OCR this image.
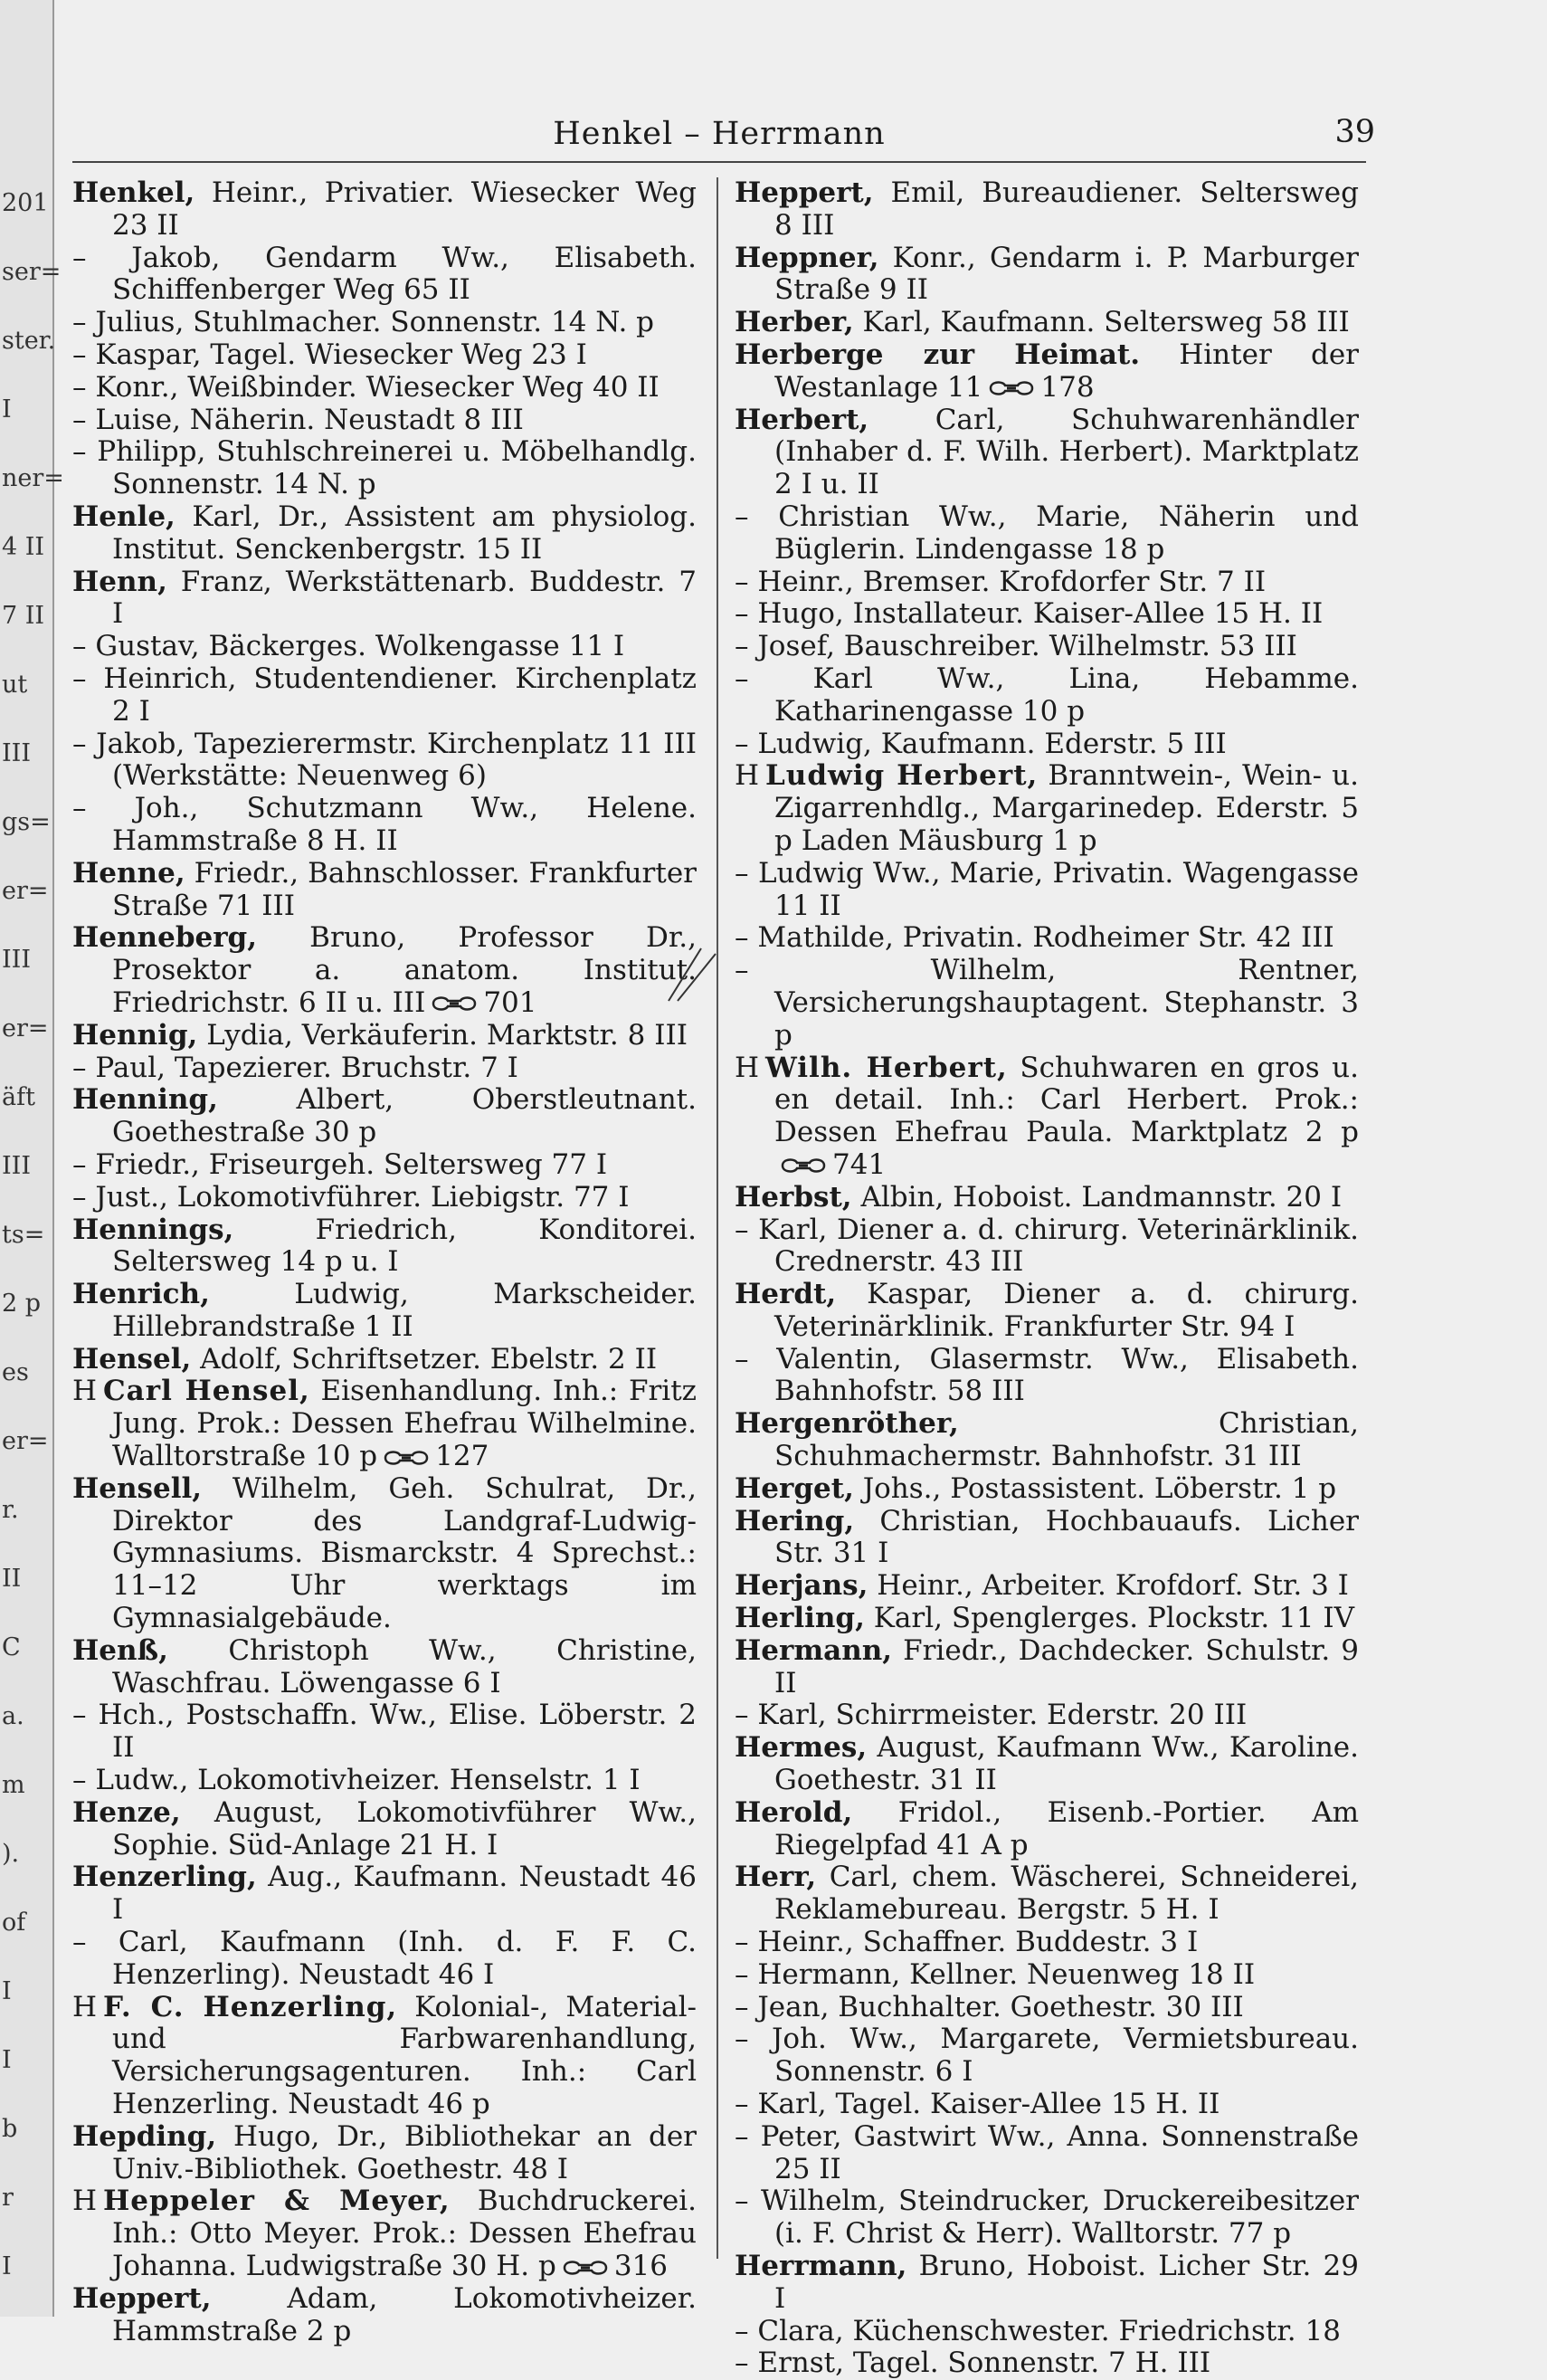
201
ser=
ster.
I
ner=
4 II
7 II
ut
III
gs=
er=
III
er=
äft
III
ts=
2 p
es
er=
r.
II
C
a.
m
).
of
I
I
b
r
I
Henkel – Herrmann	39

Henkel, Heinr., Privatier. Wiesecker Weg 23 II

– Jakob, Gendarm Ww., Elisabeth. Schiffenberger Weg 65 II

– Julius, Stuhlmacher. Sonnenstr. 14 N. p

– Kaspar, Tagel. Wiesecker Weg 23 I

– Konr., Weißbinder. Wiesecker Weg 40 II

– Luise, Näherin. Neustadt 8 III

– Philipp, Stuhlschreinerei u. Möbelhandlg. Sonnenstr. 14 N. p

Henle, Karl, Dr., Assistent am physiolog. Institut. Senckenbergstr. 15 II

Henn, Franz, Werkstättenarb. Buddestr. 7 I

– Gustav, Bäckerges. Wolkengasse 11 I

– Heinrich, Studentendiener. Kirchenplatz 2 I

– Jakob, Tapezierermstr. Kirchenplatz 11 III (Werkstätte: Neuenweg 6)

– Joh., Schutzmann Ww., Helene. Hammstraße 8 H. II

Henne, Friedr., Bahnschlosser. Frankfurter Straße 71 III

Henneberg, Bruno, Professor Dr., Prosektor a. anatom. Institut. Friedrichstr. 6 II u. III 701

Hennig, Lydia, Verkäuferin. Marktstr. 8 III

– Paul, Tapezierer. Bruchstr. 7 I

Henning, Albert, Oberstleutnant. Goethestraße 30 p

– Friedr., Friseurgeh. Seltersweg 77 I

– Just., Lokomotivführer. Liebigstr. 77 I

Hennings, Friedrich, Konditorei. Seltersweg 14 p u. I

Henrich, Ludwig, Markscheider. Hillebrandstraße 1 II

Hensel, Adolf, Schriftsetzer. Ebelstr. 2 II

H Carl Hensel, Eisenhandlung. Inh.: Fritz Jung. Prok.: Dessen Ehefrau Wilhelmine. Walltorstraße 10 p 127

Hensell, Wilhelm, Geh. Schulrat, Dr., Direktor des Landgraf-Ludwig-Gymnasiums. Bismarckstr. 4 Sprechst.: 11–12 Uhr werktags im Gymnasialgebäude.

Henß, Christoph Ww., Christine, Waschfrau. Löwengasse 6 I

– Hch., Postschaffn. Ww., Elise. Löberstr. 2 II

– Ludw., Lokomotivheizer. Henselstr. 1 I

Henze, August, Lokomotivführer Ww., Sophie. Süd-Anlage 21 H. I

Henzerling, Aug., Kaufmann. Neustadt 46 I

– Carl, Kaufmann (Inh. d. F. F. C. Henzerling). Neustadt 46 I

H F. C. Henzerling, Kolonial-, Material- und Farbwarenhandlung, Versicherungsagenturen. Inh.: Carl Henzerling. Neustadt 46 p

Hepding, Hugo, Dr., Bibliothekar an der Univ.-Bibliothek. Goethestr. 48 I

H Heppeler & Meyer, Buchdruckerei. Inh.: Otto Meyer. Prok.: Dessen Ehefrau Johanna. Ludwigstraße 30 H. p 316

Heppert, Adam, Lokomotivheizer. Hammstraße 2 p

Heppert, Emil, Bureaudiener. Seltersweg 8 III

Heppner, Konr., Gendarm i. P. Marburger Straße 9 II

Herber, Karl, Kaufmann. Seltersweg 58 III

Herberge zur Heimat. Hinter der Westanlage 11 178

Herbert, Carl, Schuhwarenhändler (Inhaber d. F. Wilh. Herbert). Marktplatz 2 I u. II

– Christian Ww., Marie, Näherin und Büglerin. Lindengasse 18 p

– Heinr., Bremser. Krofdorfer Str. 7 II

– Hugo, Installateur. Kaiser-Allee 15 H. II

– Josef, Bauschreiber. Wilhelmstr. 53 III

– Karl Ww., Lina, Hebamme. Katharinengasse 10 p

– Ludwig, Kaufmann. Ederstr. 5 III

H Ludwig Herbert, Branntwein-, Wein- u. Zigarrenhdlg., Margarinedep. Ederstr. 5 p Laden Mäusburg 1 p

– Ludwig Ww., Marie, Privatin. Wagengasse 11 II

– Mathilde, Privatin. Rodheimer Str. 42 III

– Wilhelm, Rentner, Versicherungshauptagent. Stephanstr. 3 p

H Wilh. Herbert, Schuhwaren en gros u. en detail. Inh.: Carl Herbert. Prok.: Dessen Ehefrau Paula. Marktplatz 2 p
741

Herbst, Albin, Hoboist. Landmannstr. 20 I

– Karl, Diener a. d. chirurg. Veterinärklinik. Crednerstr. 43 III

Herdt, Kaspar, Diener a. d. chirurg. Veterinärklinik. Frankfurter Str. 94 I

– Valentin, Glasermstr. Ww., Elisabeth. Bahnhofstr. 58 III

Hergenröther, Christian, Schuhmachermstr. Bahnhofstr. 31 III

Herget, Johs., Postassistent. Löberstr. 1 p

Hering, Christian, Hochbauaufs. Licher Str. 31 I

Herjans, Heinr., Arbeiter. Krofdorf. Str. 3 I

Herling, Karl, Spenglerges. Plockstr. 11 IV

Hermann, Friedr., Dachdecker. Schulstr. 9 II

– Karl, Schirrmeister. Ederstr. 20 III

Hermes, August, Kaufmann Ww., Karoline. Goethestr. 31 II

Herold, Fridol., Eisenb.-Portier. Am Riegelpfad 41 A p

Herr, Carl, chem. Wäscherei, Schneiderei, Reklamebureau. Bergstr. 5 H. I

– Heinr., Schaffner. Buddestr. 3 I

– Hermann, Kellner. Neuenweg 18 II

– Jean, Buchhalter. Goethestr. 30 III

– Joh. Ww., Margarete, Vermietsbureau. Sonnenstr. 6 I

– Karl, Tagel. Kaiser-Allee 15 H. II

– Peter, Gastwirt Ww., Anna. Sonnenstraße 25 II

– Wilhelm, Steindrucker, Druckereibesitzer (i. F. Christ & Herr). Walltorstr. 77 p

Herrmann, Bruno, Hoboist. Licher Str. 29 I

– Clara, Küchenschwester. Friedrichstr. 18

– Ernst, Tagel. Sonnenstr. 7 H. III
